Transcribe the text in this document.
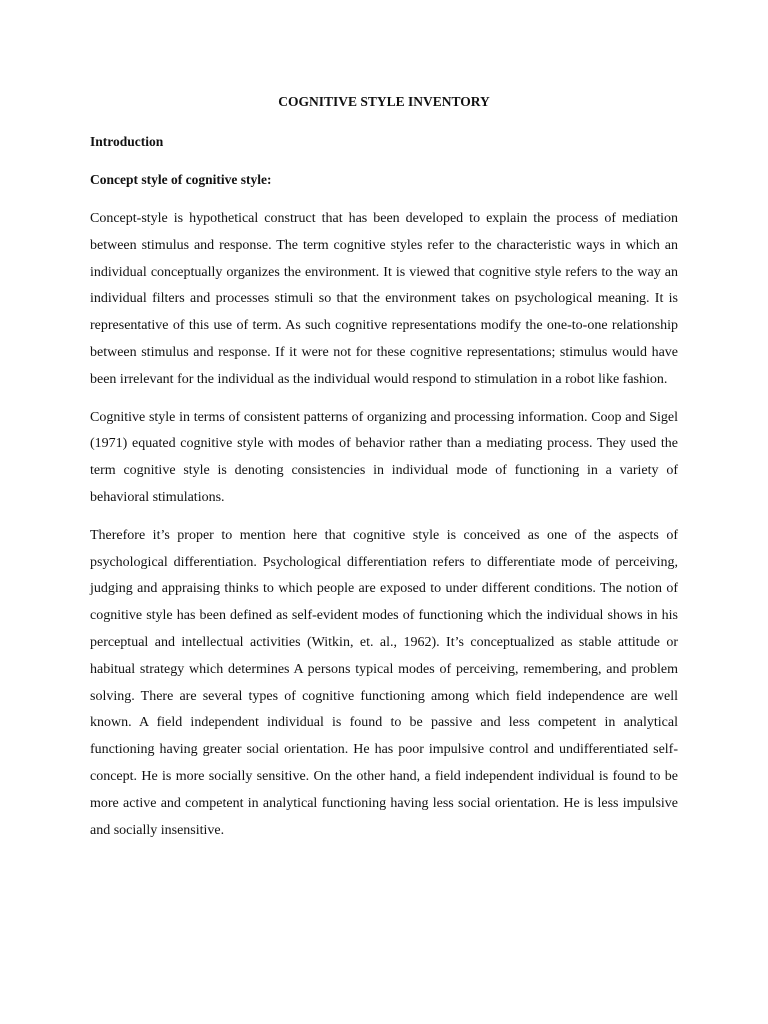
COGNITIVE STYLE INVENTORY
Introduction
Concept style of cognitive style:

Concept-style is hypothetical construct that has been developed to explain the process of mediation between stimulus and response. The term cognitive styles refer to the characteristic ways in which an individual conceptually organizes the environment. It is viewed that cognitive style refers to the way an individual filters and processes stimuli so that the environment takes on psychological meaning. It is representative of this use of term. As such cognitive representations modify the one-to-one relationship between stimulus and response. If it were not for these cognitive representations; stimulus would have been irrelevant for the individual as the individual would respond to stimulation in a robot like fashion.

Cognitive style in terms of consistent patterns of organizing and processing information. Coop and Sigel (1971) equated cognitive style with modes of behavior rather than a mediating process. They used the term cognitive style is denoting consistencies in individual mode of functioning in a variety of behavioral stimulations.

Therefore it’s proper to mention here that cognitive style is conceived as one of the aspects of psychological differentiation. Psychological differentiation refers to differentiate mode of perceiving, judging and appraising thinks to which people are exposed to under different conditions. The notion of cognitive style has been defined as self-evident modes of functioning which the individual shows in his perceptual and intellectual activities (Witkin, et. al., 1962). It’s conceptualized as stable attitude or habitual strategy which determines A persons typical modes of perceiving, remembering, and problem solving. There are several types of cognitive functioning among which field independence are well known. A field independent individual is found to be passive and less competent in analytical functioning having greater social orientation. He has poor impulsive control and undifferentiated self-concept. He is more socially sensitive. On the other hand, a field independent individual is found to be more active and competent in analytical functioning having less social orientation. He is less impulsive and socially insensitive.
